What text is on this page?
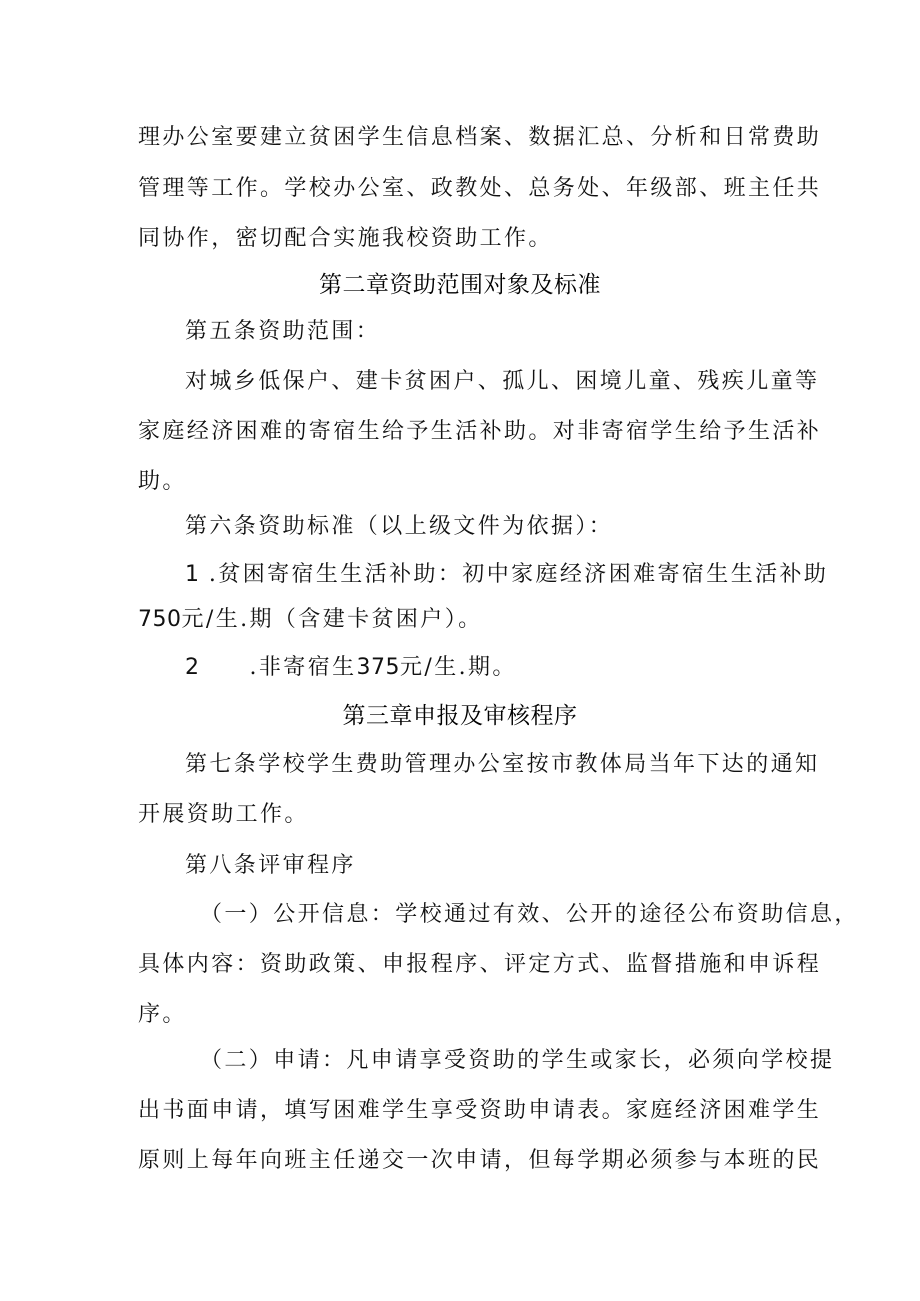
理办公室要建立贫困学生信息档案、数据汇总、分析和日常费助
管理等工作。学校办公室、政教处、总务处、年级部、班主任共
同协作，密切配合实施我校资助工作。
第二章资助范围对象及标准
第五条资助范围：
对城乡低保户、建卡贫困户、孤儿、困境儿童、残疾儿童等
家庭经济困难的寄宿生给予生活补助。对非寄宿学生给予生活补
助。
第六条资助标准（以上级文件为依据）：
1 .贫困寄宿生生活补助：初中家庭经济困难寄宿生生活补助
750元/生.期（含建卡贫困户）。
2 .非寄宿生375元/生.期。
第三章申报及审核程序
第七条学校学生费助管理办公室按市教体局当年下达的通知
开展资助工作。
第八条评审程序
（一）公开信息：学校通过有效、公开的途径公布资助信息，
具体内容：资助政策、申报程序、评定方式、监督措施和申诉程
序。
（二）申请：凡申请享受资助的学生或家长，必须向学校提
出书面申请，填写困难学生享受资助申请表。家庭经济困难学生
原则上每年向班主任递交一次申请，但每学期必须参与本班的民
